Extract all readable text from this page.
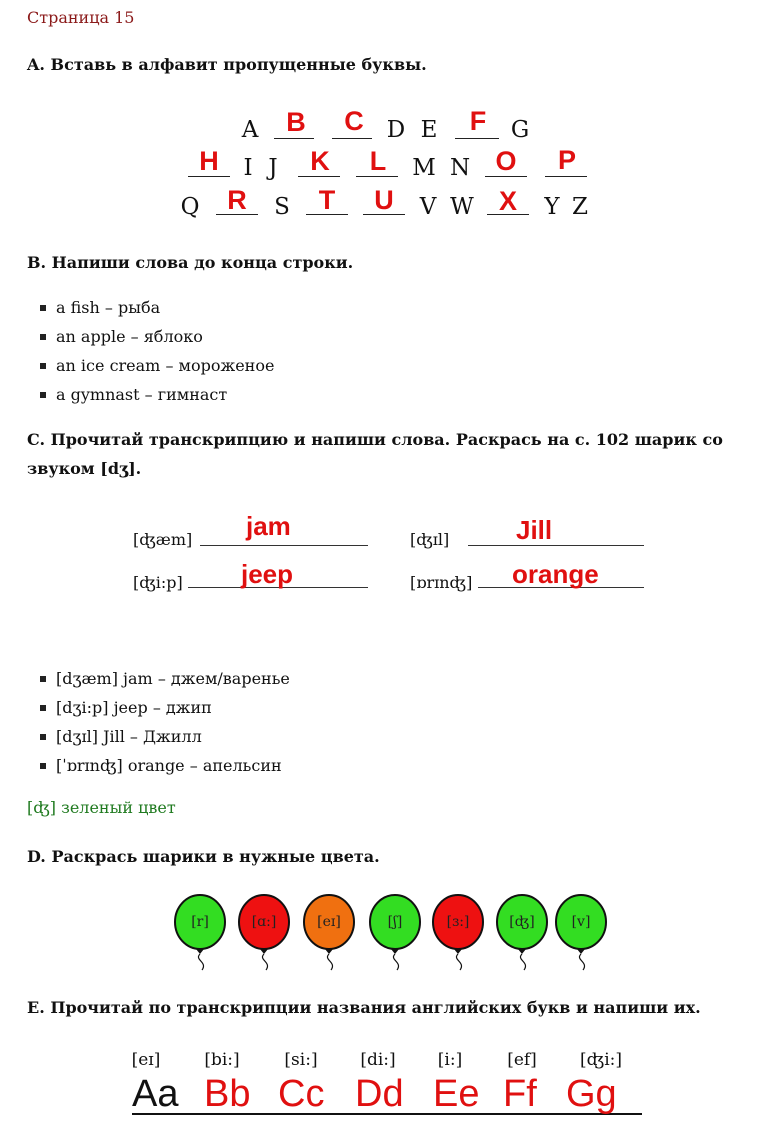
Страница 15
A. Вставь в алфавит пропущенные буквы.
A B C D E F G
H I J K L M N O P
Q R S T U V W X Y Z
B. Напиши слова до конца строки.
a fish – рыба
an apple – яблоко
an ice cream – мороженое
a gymnast – гимнаст
C. Прочитай транскрипцию и напиши слова. Раскрась на с. 102 шарик со звуком [dʒ].
[ʤæm] jam	[ʤɪl]	Jill
[ʤi:p] jeep	[ɒrɪnʤ] orange
[dʒæm] jam – джем/варенье
[dʒi:p] jeep – джип
[dʒɪl] Jill – Джилл
[ˈɒrɪnʤ] orange – апельсин
[ʤ] зеленый цвет
D. Раскрась шарики в нужные цвета.
[r]	[ɑ:]	[eɪ]	[ʃ]	[ɜ:]	[ʤ]	[v]
E. Прочитай по транскрипции названия английских букв и напиши их.
[eɪ]	[bi:]	[si:]	[di:] [i:]	[ef]	[ʤi:]
Aa Bb Cc Dd Ee Ff Gg
